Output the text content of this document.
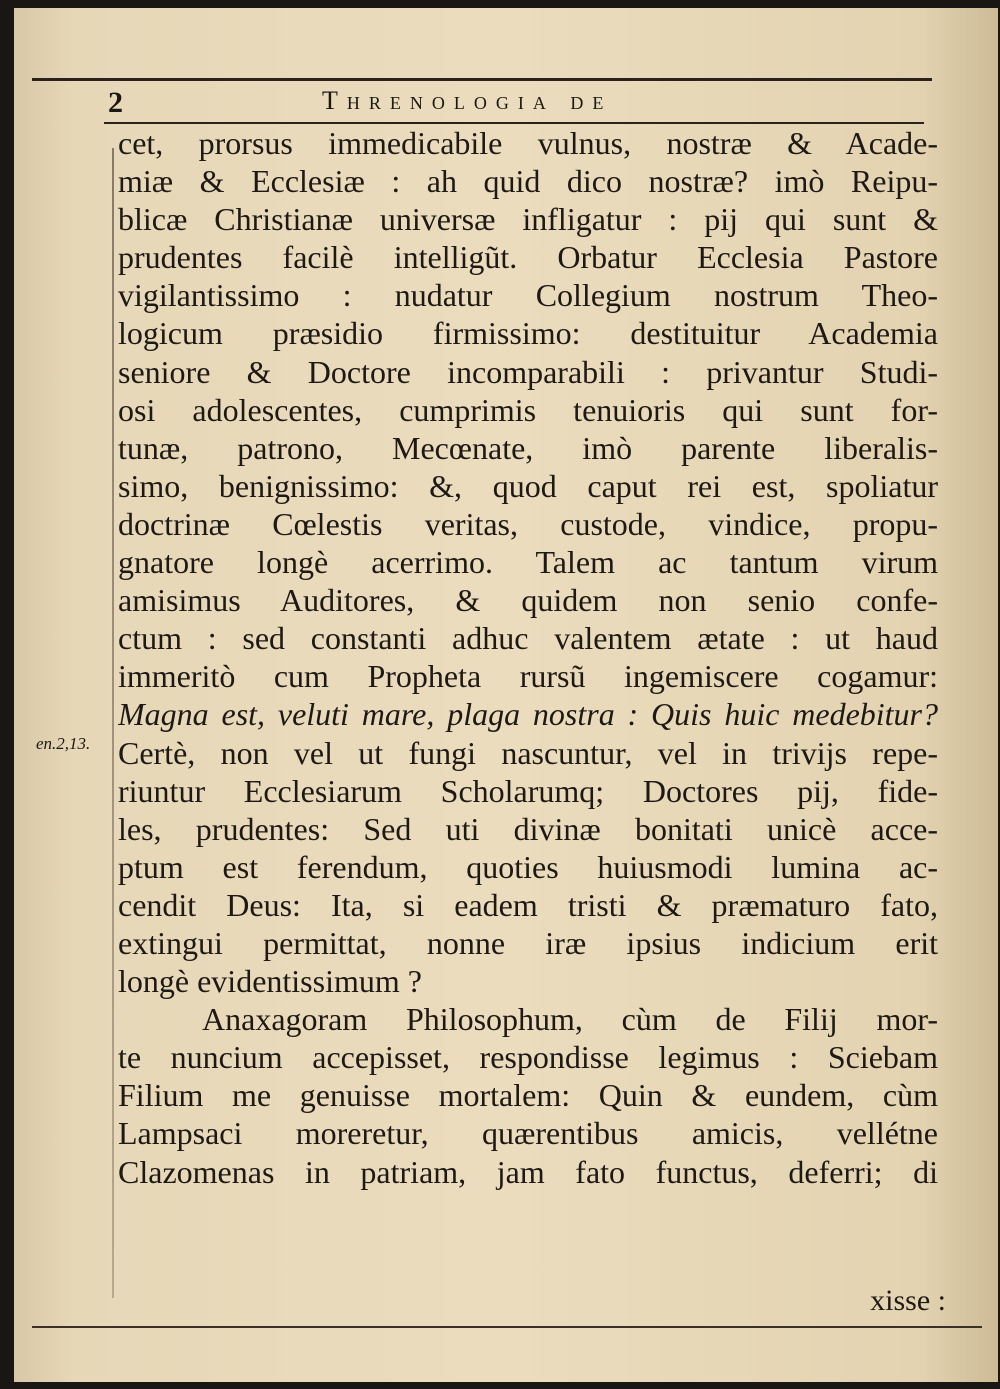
2	Threnologia de
en.2,13.
cet, prorsus immedicabile vulnus, nostræ & Acade-
miæ & Ecclesiæ : ah quid dico nostræ? imò Reipu-
blicæ Christianæ universæ infligatur : pij qui sunt &
prudentes facilè intelligũt. Orbatur Ecclesia Pastore
vigilantissimo : nudatur Collegium nostrum Theo-
logicum præsidio firmissimo: destituitur Academia
seniore & Doctore incomparabili : privantur Studi-
osi adolescentes, cumprimis tenuioris qui sunt for-
tunæ, patrono, Mecœnate, imò parente liberalis-
simo, benignissimo: &, quod caput rei est, spoliatur
doctrinæ Cœlestis veritas, custode, vindice, propu-
gnatore longè acerrimo. Talem ac tantum virum
amisimus Auditores, & quidem non senio confe-
ctum : sed constanti adhuc valentem ætate : ut haud
immeritò cum Propheta rursũ ingemiscere cogamur:
Magna est, veluti mare, plaga nostra : Quis huic medebitur?
Certè, non vel ut fungi nascuntur, vel in trivijs repe-
riuntur Ecclesiarum Scholarumq; Doctores pij, fide-
les, prudentes: Sed uti divinæ bonitati unicè acce-
ptum est ferendum, quoties huiusmodi lumina ac-
cendit Deus: Ita, si eadem tristi & præmaturo fato,
extingui permittat, nonne iræ ipsius indicium erit
longè evidentissimum ?
Anaxagoram Philosophum, cùm de Filij mor-
te nuncium accepisset, respondisse legimus : Sciebam
Filium me genuisse mortalem: Quin & eundem, cùm
Lampsaci moreretur, quærentibus amicis, vellétne
Clazomenas in patriam, jam fato functus, deferri; di
xisse :
